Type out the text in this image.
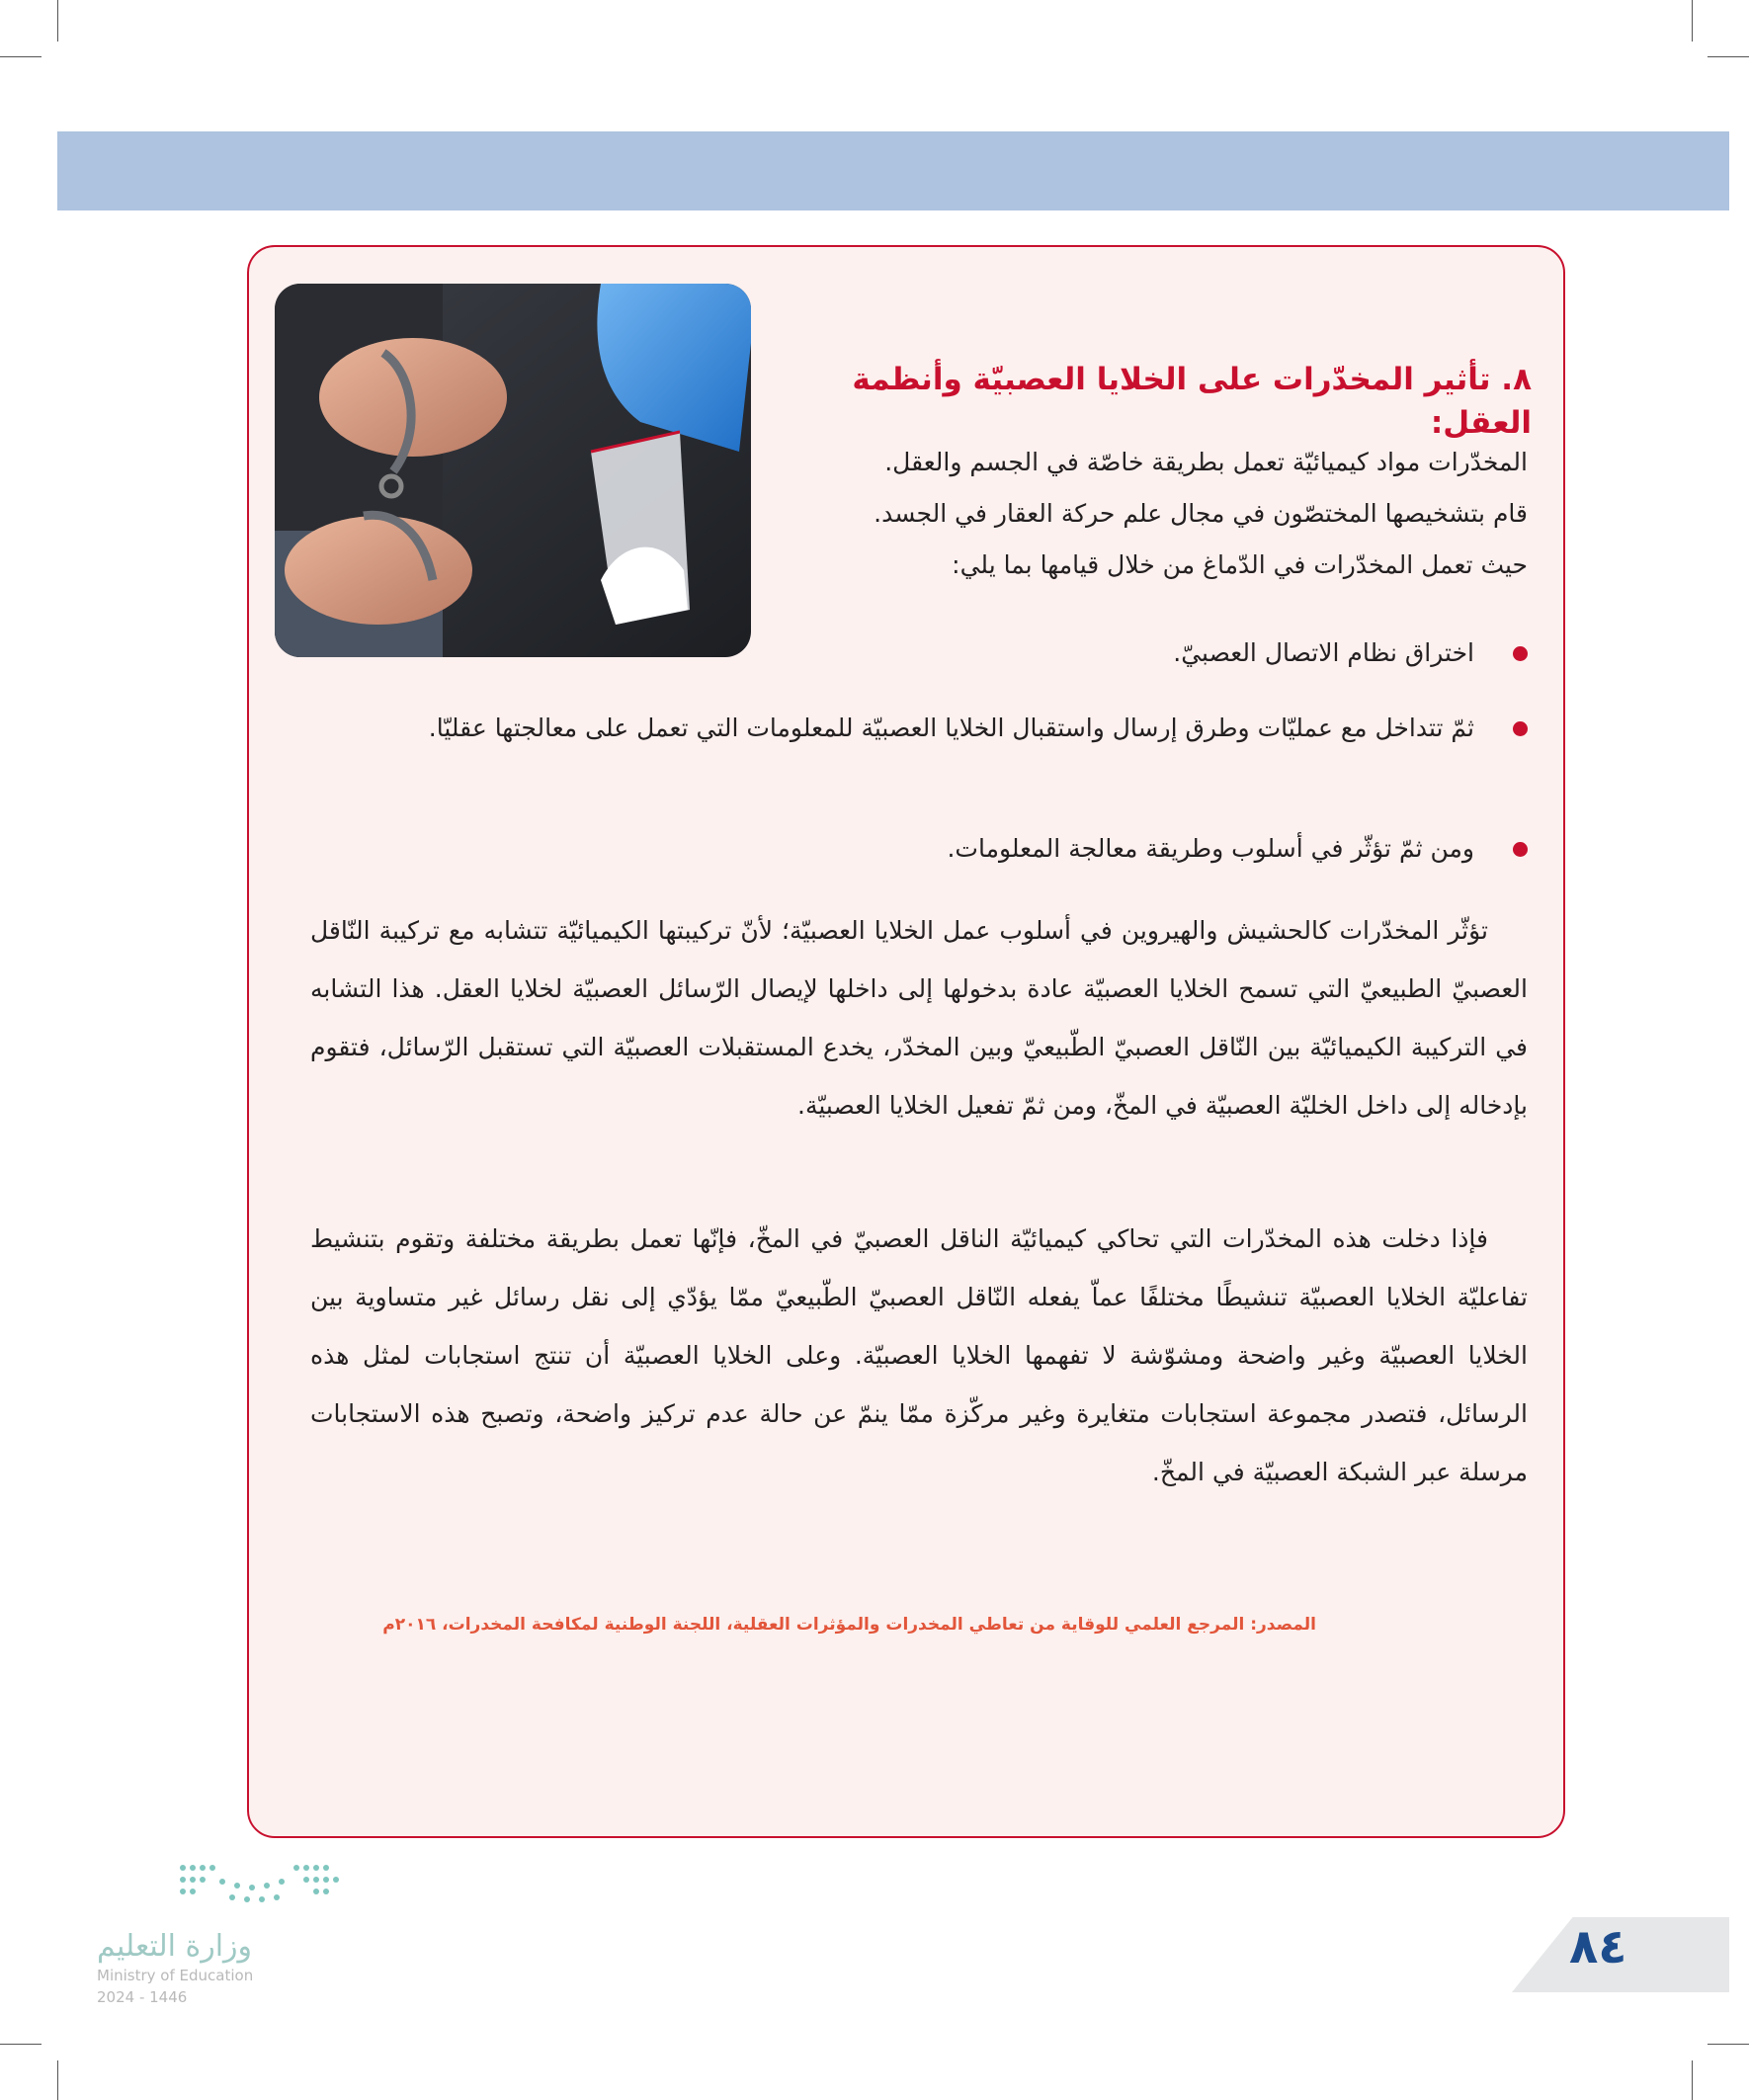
٨. تأثير المخدّرات على الخلايا العصبيّة وأنظمة العقل:
المخدّرات مواد كيميائيّة تعمل بطريقة خاصّة في الجسم والعقل.
قام بتشخيصها المختصّون في مجال علم حركة العقار في الجسد.
حيث تعمل المخدّرات في الدّماغ من خلال قيامها بما يلي:
اختراق نظام الاتصال العصبيّ.
ثمّ تتداخل مع عمليّات وطرق إرسال واستقبال الخلايا العصبيّة للمعلومات التي تعمل على معالجتها عقليّا.
ومن ثمّ تؤثّر في أسلوب وطريقة معالجة المعلومات.
تؤثّر المخدّرات كالحشيش والهيروين في أسلوب عمل الخلايا العصبيّة؛ لأنّ تركيبتها الكيميائيّة تتشابه مع تركيبة النّاقل العصبيّ الطبيعيّ التي تسمح الخلايا العصبيّة عادة بدخولها إلى داخلها لإيصال الرّسائل العصبيّة لخلايا العقل. هذا التشابه في التركيبة الكيميائيّة بين النّاقل العصبيّ الطّبيعيّ وبين المخدّر، يخدع المستقبلات العصبيّة التي تستقبل الرّسائل، فتقوم بإدخاله إلى داخل الخليّة العصبيّة في المخّ، ومن ثمّ تفعيل الخلايا العصبيّة.
فإذا دخلت هذه المخدّرات التي تحاكي كيميائيّة الناقل العصبيّ في المخّ، فإنّها تعمل بطريقة مختلفة وتقوم بتنشيط تفاعليّة الخلايا العصبيّة تنشيطًا مختلفًا عماّ يفعله النّاقل العصبيّ الطّبيعيّ ممّا يؤدّي إلى نقل رسائل غير متساوية بين الخلايا العصبيّة وغير واضحة ومشوّشة لا تفهمها الخلايا العصبيّة. وعلى الخلايا العصبيّة أن تنتج استجابات لمثل هذه الرسائل، فتصدر مجموعة استجابات متغايرة وغير مركّزة ممّا ينمّ عن حالة عدم تركيز واضحة، وتصبح هذه الاستجابات مرسلة عبر الشبكة العصبيّة في المخّ.
المصدر: المرجع العلمي للوقاية من تعاطي المخدرات والمؤثرات العقلية، اللجنة الوطنية لمكافحة المخدرات، ٢٠١٦م
وزارة التعليم
Ministry of Education
2024 - 1446
٨٤
